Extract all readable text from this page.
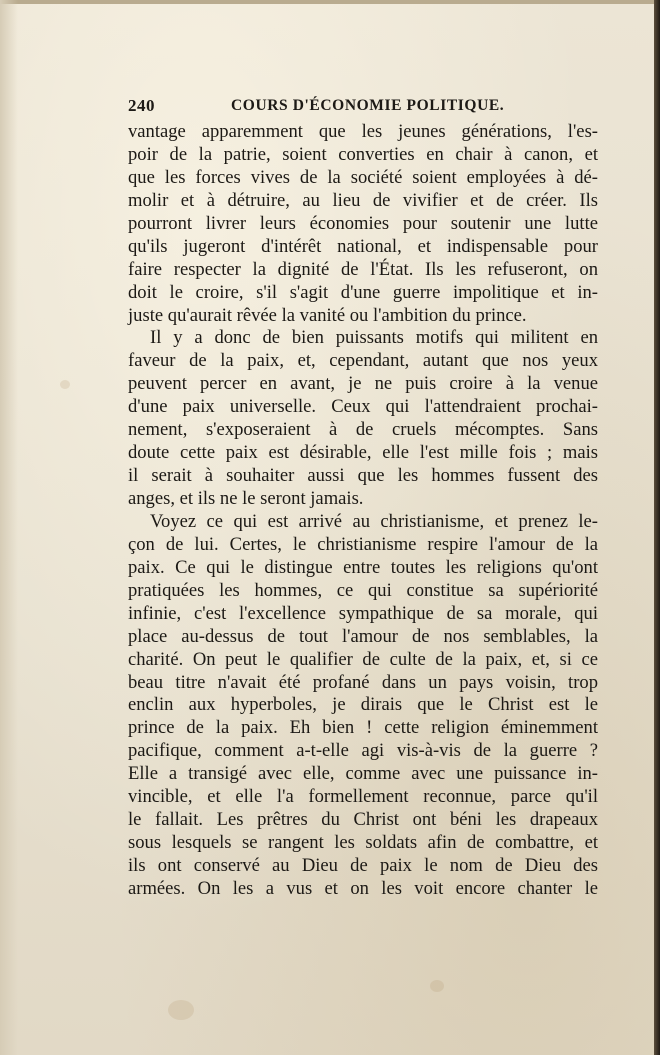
240	COURS D'ÉCONOMIE POLITIQUE.
vantage apparemment que les jeunes générations, l'es-
poir de la patrie, soient converties en chair à canon, et
que les forces vives de la société soient employées à dé-
molir et à détruire, au lieu de vivifier et de créer. Ils
pourront livrer leurs économies pour soutenir une lutte
qu'ils jugeront d'intérêt national, et indispensable pour
faire respecter la dignité de l'État. Ils les refuseront, on
doit le croire, s'il s'agit d'une guerre impolitique et in-
juste qu'aurait rêvée la vanité ou l'ambition du prince.
Il y a donc de bien puissants motifs qui militent en
faveur de la paix, et, cependant, autant que nos yeux
peuvent percer en avant, je ne puis croire à la venue
d'une paix universelle. Ceux qui l'attendraient prochai-
nement, s'exposeraient à de cruels mécomptes. Sans
doute cette paix est désirable, elle l'est mille fois ; mais
il serait à souhaiter aussi que les hommes fussent des
anges, et ils ne le seront jamais.
Voyez ce qui est arrivé au christianisme, et prenez le-
çon de lui. Certes, le christianisme respire l'amour de la
paix. Ce qui le distingue entre toutes les religions qu'ont
pratiquées les hommes, ce qui constitue sa supériorité
infinie, c'est l'excellence sympathique de sa morale, qui
place au-dessus de tout l'amour de nos semblables, la
charité. On peut le qualifier de culte de la paix, et, si ce
beau titre n'avait été profané dans un pays voisin, trop
enclin aux hyperboles, je dirais que le Christ est le
prince de la paix. Eh bien ! cette religion éminemment
pacifique, comment a-t-elle agi vis-à-vis de la guerre ?
Elle a transigé avec elle, comme avec une puissance in-
vincible, et elle l'a formellement reconnue, parce qu'il
le fallait. Les prêtres du Christ ont béni les drapeaux
sous lesquels se rangent les soldats afin de combattre, et
ils ont conservé au Dieu de paix le nom de Dieu des
armées. On les a vus et on les voit encore chanter le
